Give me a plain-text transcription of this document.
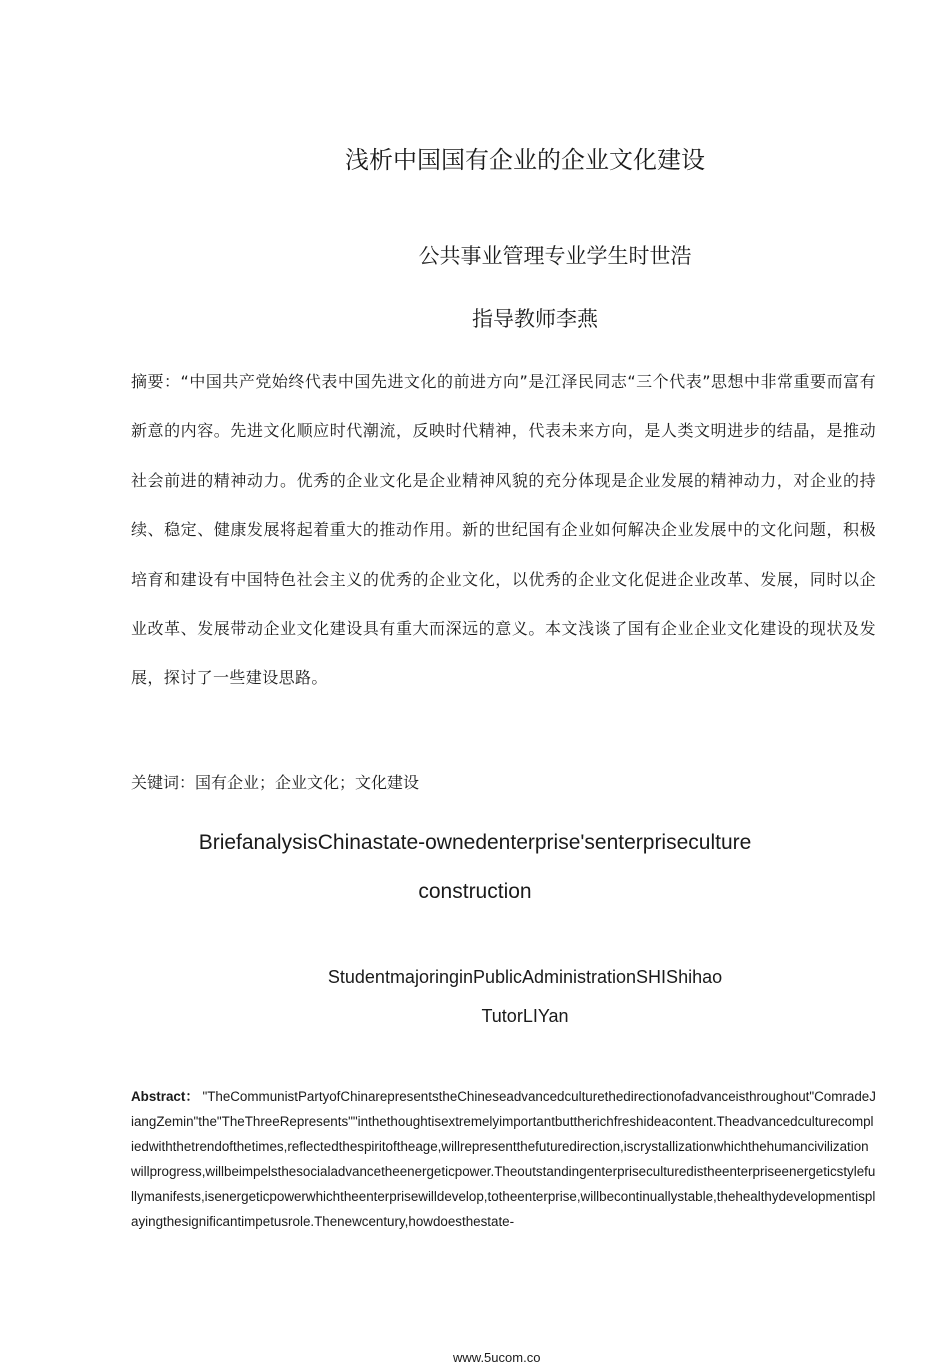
浅析中国国有企业的企业文化建设
公共事业管理专业学生时世浩
指导教师李燕
摘要：“中国共产党始终代表中国先进文化的前进方向”是江泽民同志“三个代表”思想中非常重要而富有新意的内容。先进文化顺应时代潮流，反映时代精神，代表未来方向，是人类文明进步的结晶，是推动社会前进的精神动力。优秀的企业文化是企业精神风貌的充分体现是企业发展的精神动力，对企业的持续、稳定、健康发展将起着重大的推动作用。新的世纪国有企业如何解决企业发展中的文化问题，积极培育和建设有中国特色社会主义的优秀的企业文化，以优秀的企业文化促进企业改革、发展，同时以企业改革、发展带动企业文化建设具有重大而深远的意义。本文浅谈了国有企业企业文化建设的现状及发展，探讨了一些建设思路。
关键词：国有企业；企业文化；文化建设
BriefanalysisChinastate-ownedenterprise'senterpriseculture
construction
StudentmajoringinPublicAdministrationSHIShihao
TutorLIYan
Abstract： "TheCommunistPartyofChinarepresentstheChineseadvancedculturethedirectionofadvanceisthroughout"ComradeJiangZemin"the"TheThreeRepresents""inthethoughtisextremelyimportantbuttherichfreshideacontent.Theadvancedculturecompliedwiththetrendofthetimes,reflectedthespiritoftheage,willrepresentthefuturedirection,iscrystallizationwhichthehumancivilizationwillprogress,willbeimpelsthesocialadvancetheenergeticpower.Theoutstandingenterpriseculturedistheenterpriseenergeticstylefullymanifests,isenergeticpowerwhichtheenterprisewilldevelop,totheenterprise,willbecontinuallystable,thehealthydevelopmentisplayingthesignificantimpetusrole.Thenewcentury,howdoesthestate-
www.5ucom.co
